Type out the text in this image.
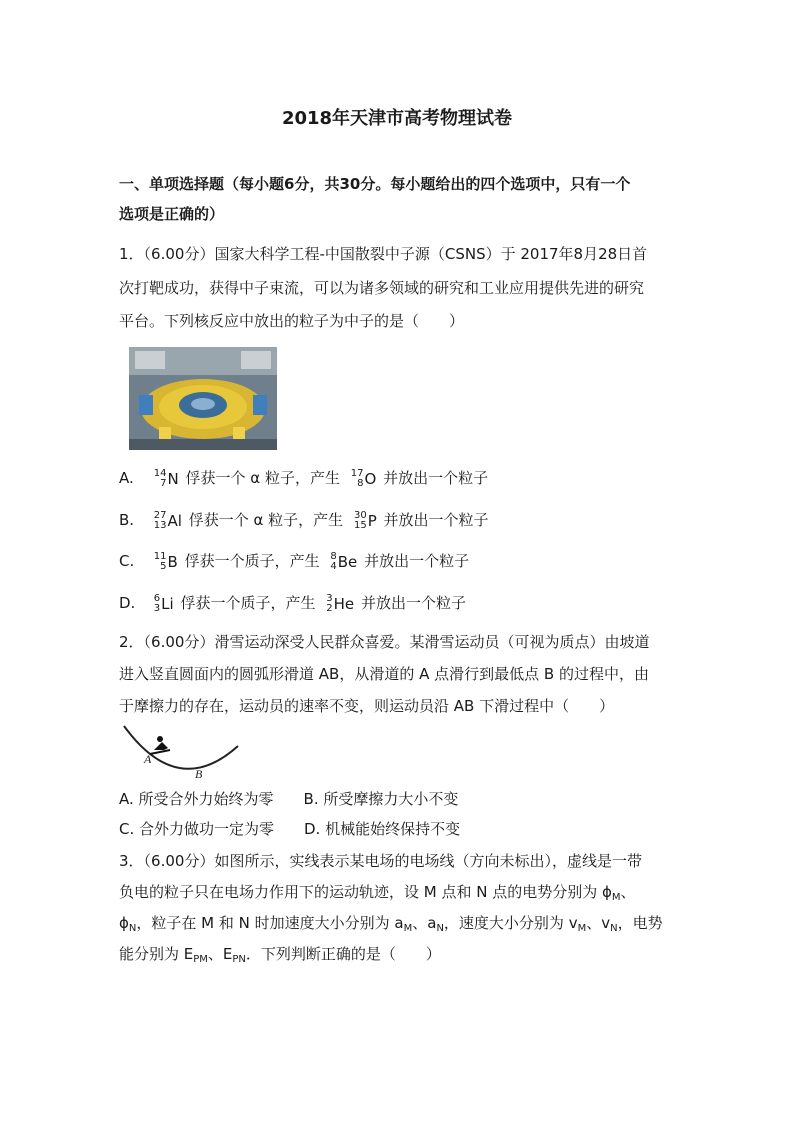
2018年天津市高考物理试卷
一、单项选择题（每小题6分，共30分。每小题给出的四个选项中，只有一个
选项是正确的）
1．（6.00分）国家大科学工程-中国散裂中子源（CSNS）于 2017年8月28日首
次打靶成功，获得中子束流，可以为诸多领域的研究和工业应用提供先进的研究
平台。下列核反应中放出的粒子为中子的是（　　）
A. 14
7 N 俘获一个 α 粒子，产生 17
8 O 并放出一个粒子
B. 27
13 Al 俘获一个 α 粒子，产生 30
15 P 并放出一个粒子
C. 11
5 B 俘获一个质子，产生 8
4 Be 并放出一个粒子
D. 6
3 Li 俘获一个质子，产生 3
2 He 并放出一个粒子
2．（6.00分）滑雪运动深受人民群众喜爱。某滑雪运动员（可视为质点）由坡道
进入竖直圆面内的圆弧形滑道 AB，从滑道的 A 点滑行到最低点 B 的过程中，由
于摩擦力的存在，运动员的速率不变，则运动员沿 AB 下滑过程中（　　）
A
B
A. 所受合外力始终为零　　B. 所受摩擦力大小不变
C. 合外力做功一定为零　　D. 机械能始终保持不变
3．（6.00分）如图所示，实线表示某电场的电场线（方向未标出），虚线是一带
负电的粒子只在电场力作用下的运动轨迹，设 M 点和 N 点的电势分别为 $\phi_M$、
$\phi_N$，粒子在 M 和 N 时加速度大小分别为 $a_M$、$a_N$，速度大小分别为 $v_M$、$v_N$，电势
能分别为 $E_{PM}$、$E_{PN}$．下列判断正确的是（　　）
